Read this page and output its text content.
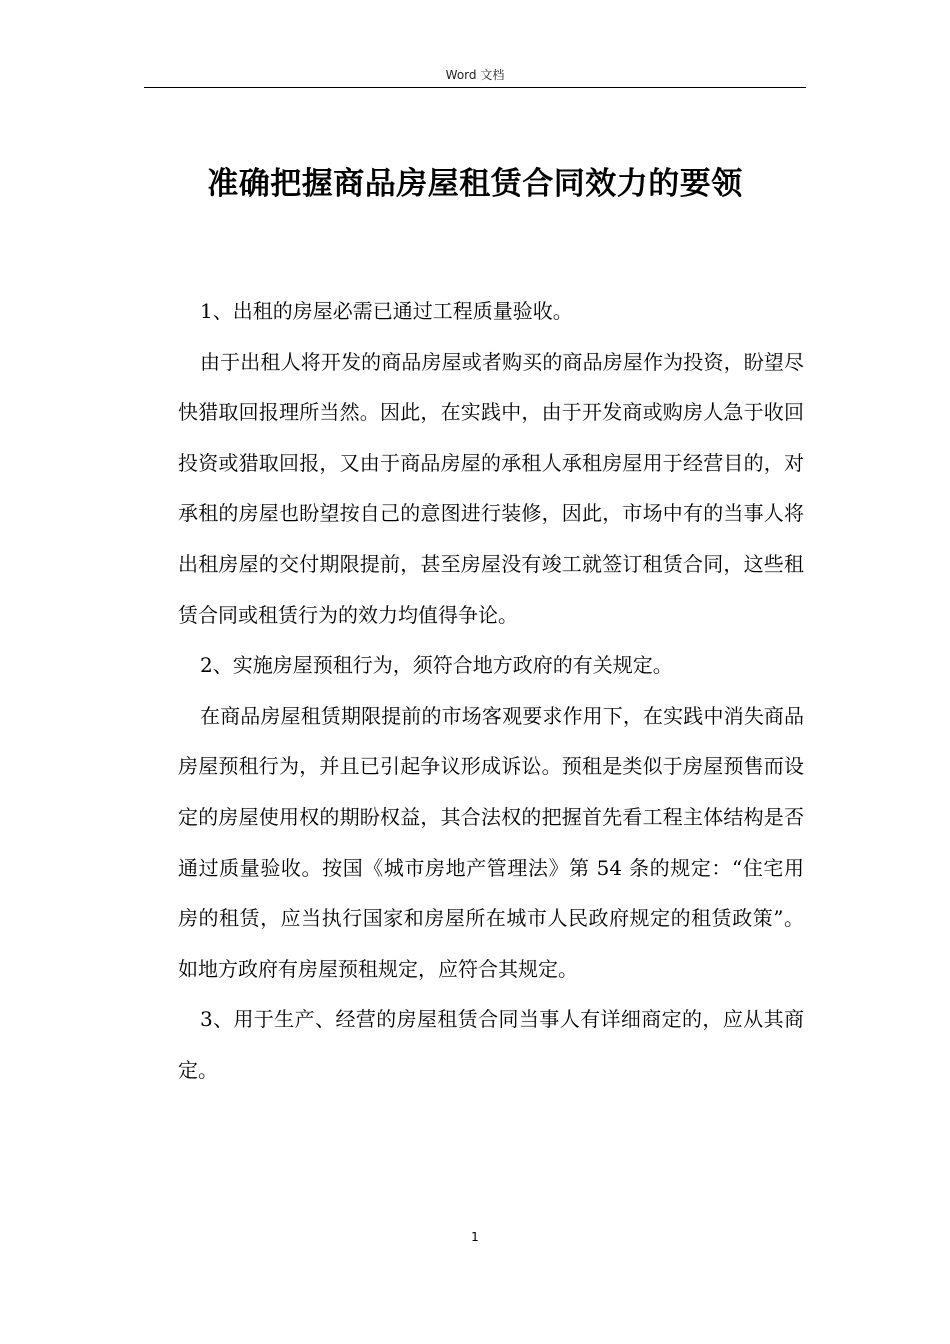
Word 文档
准确把握商品房屋租赁合同效力的要领

1、出租的房屋必需已通过工程质量验收。

由于出租人将开发的商品房屋或者购买的商品房屋作为投资，盼望尽快猎取回报理所当然。因此，在实践中，由于开发商或购房人急于收回投资或猎取回报，又由于商品房屋的承租人承租房屋用于经营目的，对承租的房屋也盼望按自己的意图进行装修，因此，市场中有的当事人将出租房屋的交付期限提前，甚至房屋没有竣工就签订租赁合同，这些租赁合同或租赁行为的效力均值得争论。

2、实施房屋预租行为，须符合地方政府的有关规定。

在商品房屋租赁期限提前的市场客观要求作用下，在实践中消失商品房屋预租行为，并且已引起争议形成诉讼。预租是类似于房屋预售而设定的房屋使用权的期盼权益，其合法权的把握首先看工程主体结构是否通过质量验收。按国《城市房地产管理法》第 54 条的规定：“住宅用房的租赁，应当执行国家和房屋所在城市人民政府规定的租赁政策”。如地方政府有房屋预租规定，应符合其规定。

3、用于生产、经营的房屋租赁合同当事人有详细商定的，应从其商定。

1
